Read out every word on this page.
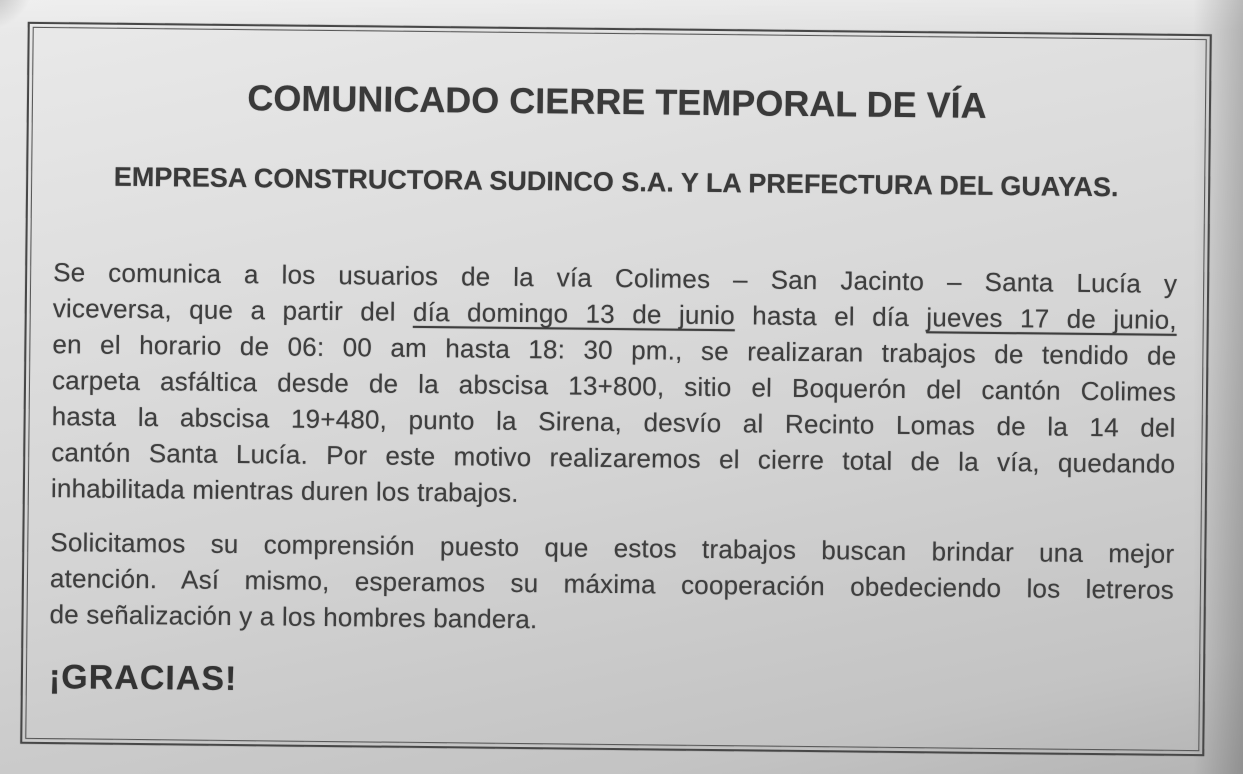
COMUNICADO CIERRE TEMPORAL DE VÍA
EMPRESA CONSTRUCTORA SUDINCO S.A. Y LA PREFECTURA DEL GUAYAS.
Se comunica a los usuarios de la vía Colimes – San Jacinto – Santa Lucía y
viceversa, que a partir del día domingo 13 de junio hasta el día jueves 17 de junio,
en el horario de 06: 00 am hasta 18: 30 pm., se realizaran trabajos de tendido de
carpeta asfáltica desde de la abscisa 13+800, sitio el Boquerón del cantón Colimes
hasta la abscisa 19+480, punto la Sirena, desvío al Recinto Lomas de la 14 del
cantón Santa Lucía. Por este motivo realizaremos el cierre total de la vía, quedando
inhabilitada mientras duren los trabajos.
Solicitamos su comprensión puesto que estos trabajos buscan brindar una mejor
atención. Así mismo, esperamos su máxima cooperación obedeciendo los letreros
de señalización y a los hombres bandera.
¡GRACIAS!
